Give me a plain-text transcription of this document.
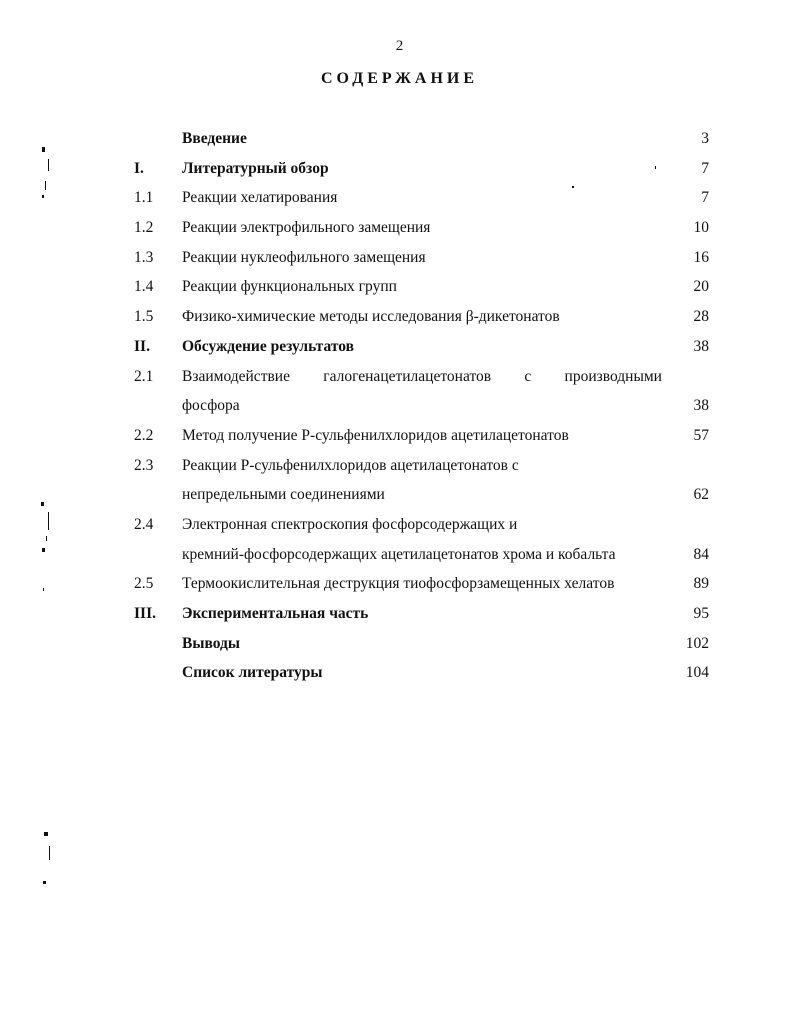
2
СОДЕРЖАНИЕ
Введение	3
I.	Литературный обзор	7
1.1	Реакции хелатирования	7
1.2	Реакции электрофильного замещения	10
1.3	Реакции нуклеофильного замещения	16
1.4	Реакции функциональных групп	20
1.5	Физико-химические методы исследования β-дикетонатов	28
II.	Обсуждение результатов	38
2.1	Взаимодействие галогенацетилацетонатов с производными
фосфора	38
2.2	Метод получение Р-сульфенилхлоридов ацетилацетонатов	57
2.3	Реакции Р-сульфенилхлоридов ацетилацетонатов с
непредельными соединениями	62
2.4	Электронная спектроскопия фосфорсодержащих и
кремний-фосфорсодержащих ацетилацетонатов хрома и кобальта	84
2.5	Термоокислительная деструкция тиофосфорзамещенных хелатов	89
III.	Экспериментальная часть	95
Выводы	102
Список литературы	104
